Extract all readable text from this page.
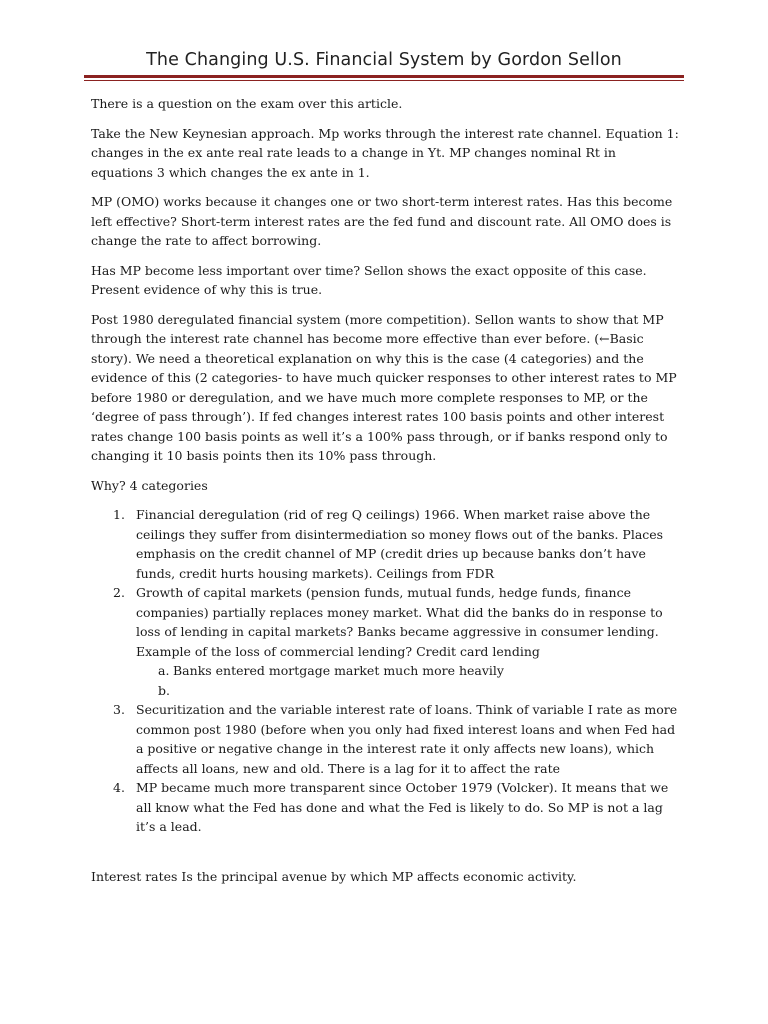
The Changing U.S. Financial System by Gordon Sellon

There is a question on the exam over this article.

Take the New Keynesian approach. Mp works through the interest rate channel. Equation 1: changes in the ex ante real rate leads to a change in Yt. MP changes nominal Rt in equations 3 which changes the ex ante in 1.

MP (OMO) works because it changes one or two short-term interest rates. Has this become left effective? Short-term interest rates are the fed fund and discount rate. All OMO does is change the rate to affect borrowing.

Has MP become less important over time? Sellon shows the exact opposite of this case. Present evidence of why this is true.

Post 1980 deregulated financial system (more competition). Sellon wants to show that MP through the interest rate channel has become more effective than ever before. (←Basic story). We need a theoretical explanation on why this is the case (4 categories) and the evidence of this (2 categories- to have much quicker responses to other interest rates to MP before 1980 or deregulation, and we have much more complete responses to MP, or the ‘degree of pass through’). If fed changes interest rates 100 basis points and other interest rates change 100 basis points as well it’s a 100% pass through, or if banks respond only to changing it 10 basis points then its 10% pass through.

Why? 4 categories

1. Financial deregulation (rid of reg Q ceilings) 1966. When market raise above the ceilings they suffer from disintermediation so money flows out of the banks. Places emphasis on the credit channel of MP (credit dries up because banks don’t have funds, credit hurts housing markets). Ceilings from FDR
2. Growth of capital markets (pension funds, mutual funds, hedge funds, finance companies) partially replaces money market. What did the banks do in response to loss of lending in capital markets? Banks became aggressive in consumer lending. Example of the loss of commercial lending? Credit card lending
a. Banks entered mortgage market much more heavily
b.

3. Securitization and the variable interest rate of loans. Think of variable I rate as more common post 1980 (before when you only had fixed interest loans and when Fed had a positive or negative change in the interest rate it only affects new loans), which affects all loans, new and old. There is a lag for it to affect the rate
4. MP became much more transparent since October 1979 (Volcker). It means that we all know what the Fed has done and what the Fed is likely to do. So MP is not a lag it’s a lead.

Interest rates Is the principal avenue by which MP affects economic activity.
